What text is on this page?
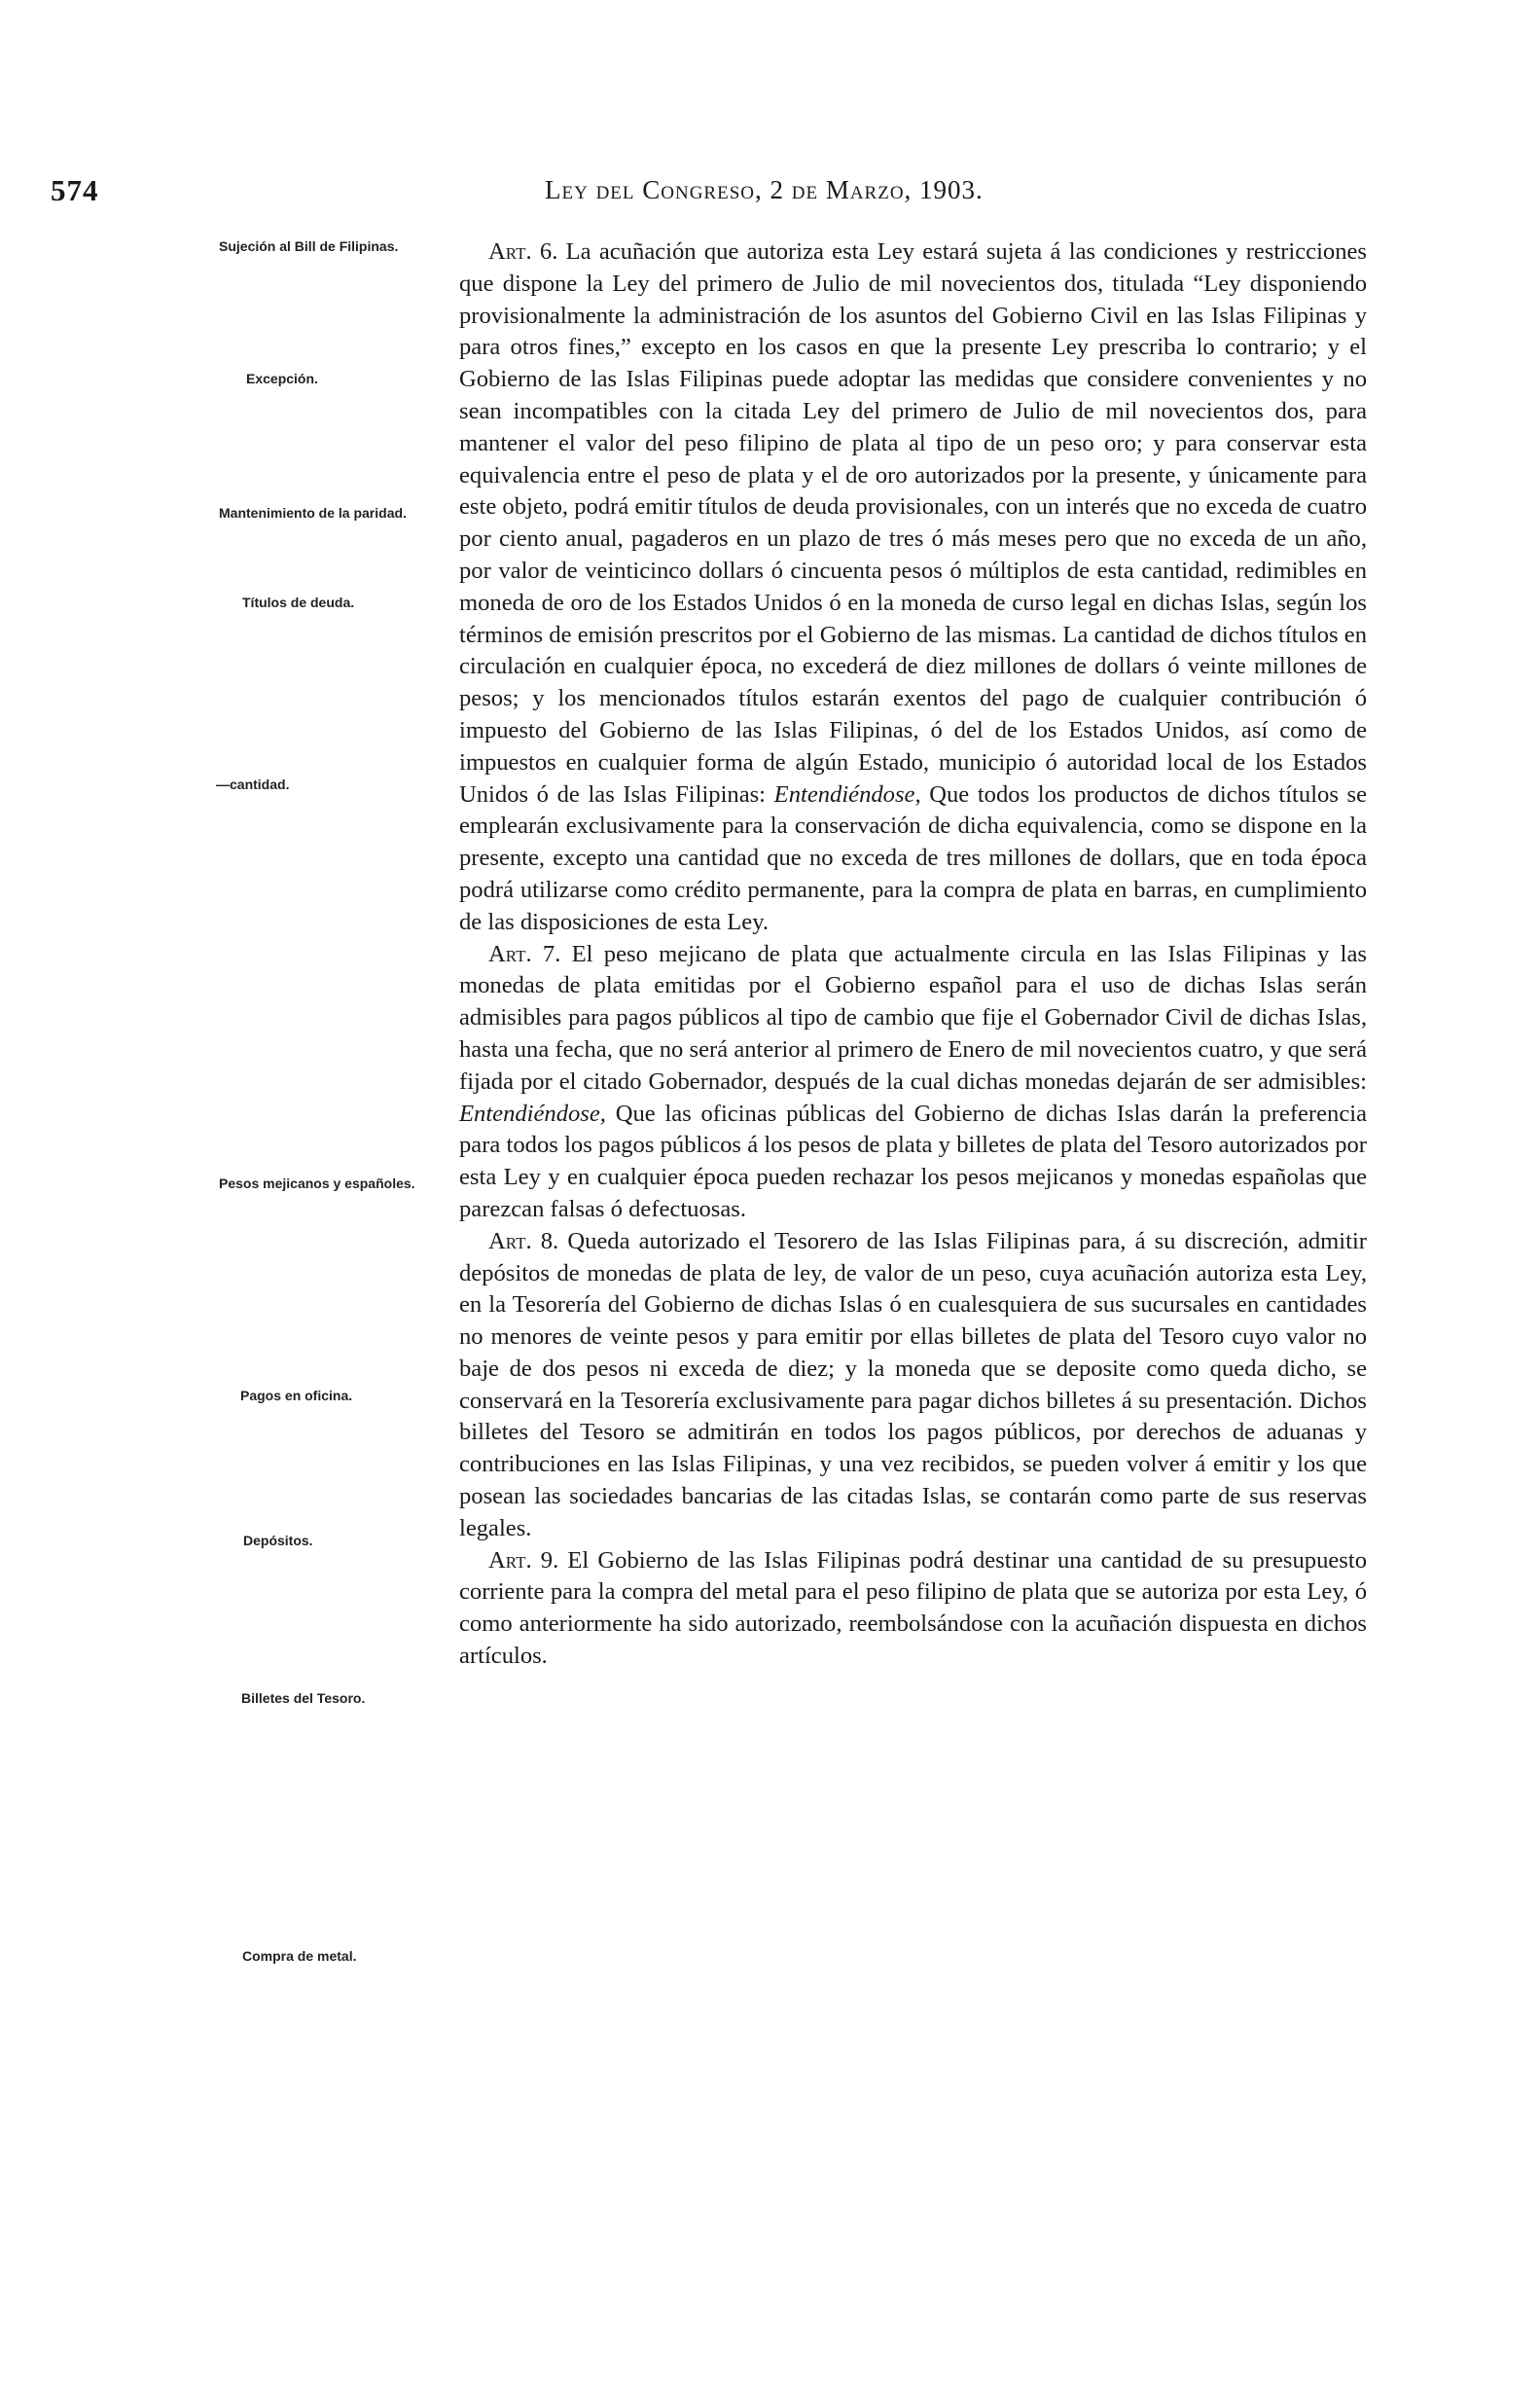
574	Ley del Congreso, 2 de Marzo, 1903.
Sujeción al Bill de Filipinas.
Excepción.
Mantenimiento de la paridad.
Títulos de deuda.
—cantidad.
Pesos mejicanos y españoles.
Pagos en oficina.
Depósitos.
Billetes del Tesoro.
Compra de metal.

Art. 6. La acuñación que autoriza esta Ley estará sujeta á las condiciones y restricciones que dispone la Ley del primero de Julio de mil novecientos dos, titulada “Ley disponiendo provisionalmente la administración de los asuntos del Gobierno Civil en las Islas Filipinas y para otros fines,” excepto en los casos en que la presente Ley prescriba lo contrario; y el Gobierno de las Islas Filipinas puede adoptar las medidas que considere convenientes y no sean incompatibles con la citada Ley del primero de Julio de mil novecientos dos, para mantener el valor del peso filipino de plata al tipo de un peso oro; y para conservar esta equivalencia entre el peso de plata y el de oro autorizados por la presente, y únicamente para este objeto, podrá emitir títulos de deuda provisionales, con un interés que no exceda de cuatro por ciento anual, pagaderos en un plazo de tres ó más meses pero que no exceda de un año, por valor de veinticinco dollars ó cincuenta pesos ó múltiplos de esta cantidad, redimibles en moneda de oro de los Estados Unidos ó en la moneda de curso legal en dichas Islas, según los términos de emisión prescritos por el Gobierno de las mismas. La cantidad de dichos títulos en circulación en cualquier época, no excederá de diez millones de dollars ó veinte millones de pesos; y los mencionados títulos estarán exentos del pago de cualquier contribución ó impuesto del Gobierno de las Islas Filipinas, ó del de los Estados Unidos, así como de impuestos en cualquier forma de algún Estado, municipio ó autoridad local de los Estados Unidos ó de las Islas Filipinas: Entendiéndose, Que todos los productos de dichos títulos se emplearán exclusivamente para la conservación de dicha equivalencia, como se dispone en la presente, excepto una cantidad que no exceda de tres millones de dollars, que en toda época podrá utilizarse como crédito permanente, para la compra de plata en barras, en cumplimiento de las disposiciones de esta Ley.

Art. 7. El peso mejicano de plata que actualmente circula en las Islas Filipinas y las monedas de plata emitidas por el Gobierno español para el uso de dichas Islas serán admisibles para pagos públicos al tipo de cambio que fije el Gobernador Civil de dichas Islas, hasta una fecha, que no será anterior al primero de Enero de mil novecientos cuatro, y que será fijada por el citado Gobernador, después de la cual dichas monedas dejarán de ser admisibles: Entendiéndose, Que las oficinas públicas del Gobierno de dichas Islas darán la preferencia para todos los pagos públicos á los pesos de plata y billetes de plata del Tesoro autorizados por esta Ley y en cualquier época pueden rechazar los pesos mejicanos y monedas españolas que parezcan falsas ó defectuosas.

Art. 8. Queda autorizado el Tesorero de las Islas Filipinas para, á su discreción, admitir depósitos de monedas de plata de ley, de valor de un peso, cuya acuñación autoriza esta Ley, en la Tesorería del Gobierno de dichas Islas ó en cualesquiera de sus sucursales en cantidades no menores de veinte pesos y para emitir por ellas billetes de plata del Tesoro cuyo valor no baje de dos pesos ni exceda de diez; y la moneda que se deposite como queda dicho, se conservará en la Tesorería exclusivamente para pagar dichos billetes á su presentación. Dichos billetes del Tesoro se admitirán en todos los pagos públicos, por derechos de aduanas y contribuciones en las Islas Filipinas, y una vez recibidos, se pueden volver á emitir y los que posean las sociedades bancarias de las citadas Islas, se contarán como parte de sus reservas legales.

Art. 9. El Gobierno de las Islas Filipinas podrá destinar una cantidad de su presupuesto corriente para la compra del metal para el peso filipino de plata que se autoriza por esta Ley, ó como anteriormente ha sido autorizado, reembolsándose con la acuñación dispuesta en dichos artículos.
